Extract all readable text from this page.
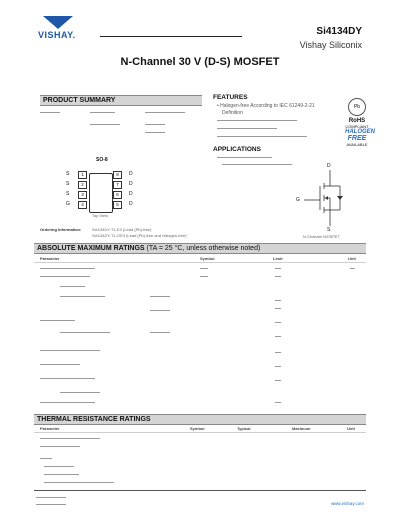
VISHAY.	Si4134DY
Vishay Siliconix
N-Channel 30 V (D-S) MOSFET
PRODUCT SUMMARY	FEATURES
• Halogen-free According to IEC 61249-2-21
Definition
Pb
RoHS
COMPLIANT
HALOGEN
FREE
AVAILABLE
APPLICATIONS
SO-8
S
S
S
G
1
2
3
4
8
7
6
5
D
D
D
D
Top View
Ordering Information:	Si4134DY-T1-E3 (Lead (Pb)-free)
Si4134DY-T1-GE3 (Lead (Pb)-free and Halogen-free)
D
G
S
N-Channel MOSFET
ABSOLUTE MAXIMUM RATINGS (TA = 25 °C, unless otherwise noted)
Parameter	Symbol	Limit	Unit
THERMAL RESISTANCE RATINGS
Parameter	Symbol	Typical	Maximum	Unit
www.vishay.com
